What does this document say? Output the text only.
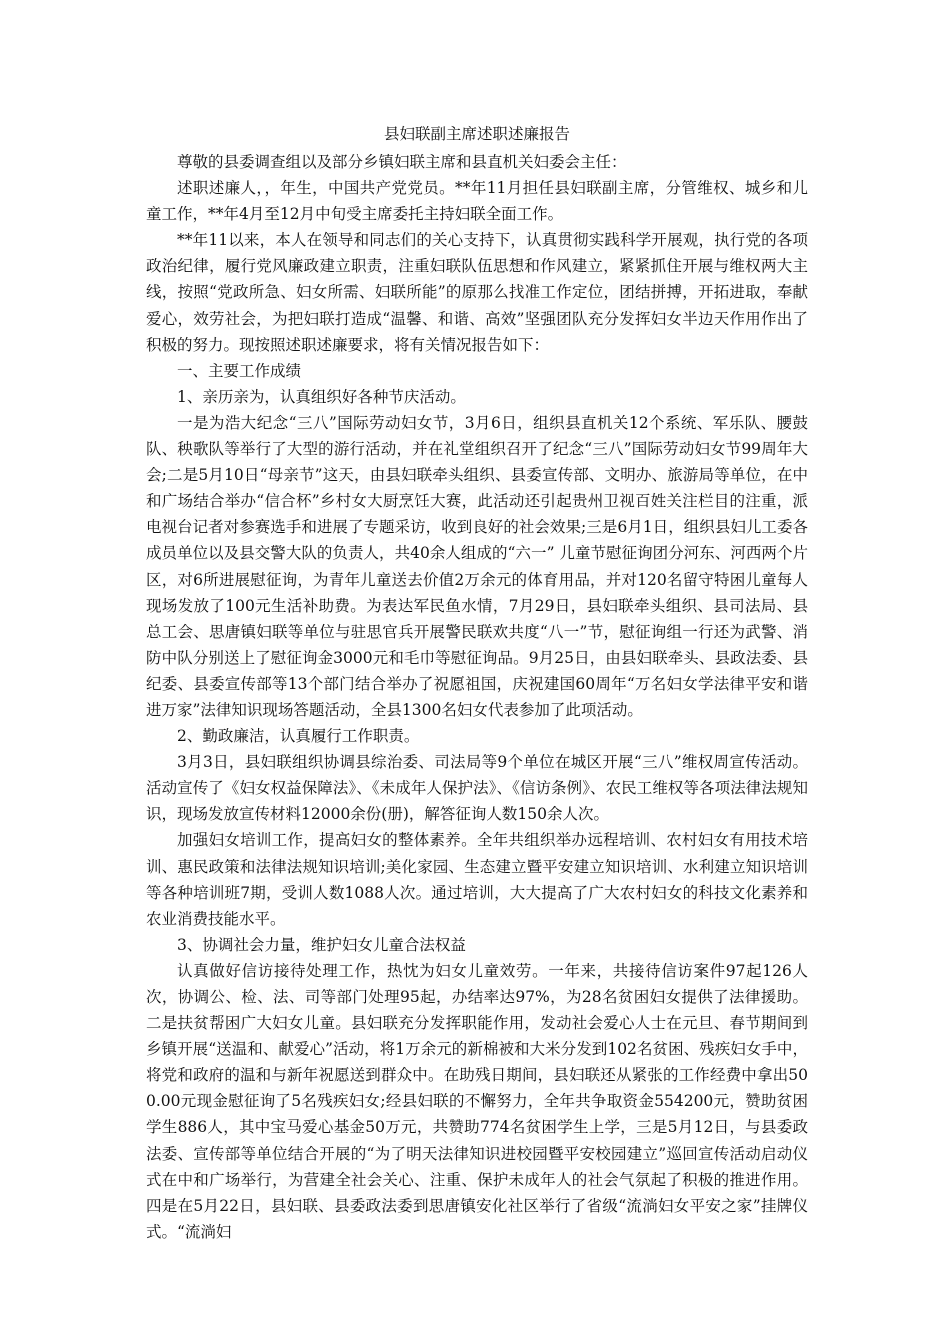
县妇联副主席述职述廉报告

尊敬的县委调查组以及部分乡镇妇联主席和县直机关妇委会主任：

述职述廉人，，年生，中国共产党党员。**年11月担任县妇联副主席，分管维权、城乡和儿童工作，**年4月至12月中旬受主席委托主持妇联全面工作。

**年11以来，本人在领导和同志们的关心支持下，认真贯彻实践科学开展观，执行党的各项政治纪律，履行党风廉政建立职责，注重妇联队伍思想和作风建立，紧紧抓住开展与维权两大主线，按照“党政所急、妇女所需、妇联所能”的原那么找准工作定位，团结拼搏，开拓进取，奉献爱心，效劳社会，为把妇联打造成“温馨、和谐、高效”坚强团队充分发挥妇女半边天作用作出了积极的努力。现按照述职述廉要求，将有关情况报告如下：

一、主要工作成绩

1、亲历亲为，认真组织好各种节庆活动。

一是为浩大纪念“三八”国际劳动妇女节，3月6日，组织县直机关12个系统、军乐队、腰鼓队、秧歌队等举行了大型的游行活动，并在礼堂组织召开了纪念“三八”国际劳动妇女节99周年大会;二是5月10日“母亲节”这天，由县妇联牵头组织、县委宣传部、文明办、旅游局等单位，在中和广场结合举办“信合杯”乡村女大厨烹饪大赛，此活动还引起贵州卫视百姓关注栏目的注重，派电视台记者对参赛选手和进展了专题采访，收到良好的社会效果;三是6月1日，组织县妇儿工委各成员单位以及县交警大队的负责人，共40余人组成的“六一” 儿童节慰征询团分河东、河西两个片区，对6所进展慰征询，为青年儿童送去价值2万余元的体育用品，并对120名留守特困儿童每人现场发放了100元生活补助费。为表达军民鱼水情，7月29日，县妇联牵头组织、县司法局、县总工会、思唐镇妇联等单位与驻思官兵开展警民联欢共度“八一”节，慰征询组一行还为武警、消防中队分别送上了慰征询金3000元和毛巾等慰征询品。9月25日，由县妇联牵头、县政法委、县纪委、县委宣传部等13个部门结合举办了祝愿祖国，庆祝建国60周年“万名妇女学法律平安和谐进万家”法律知识现场答题活动，全县1300名妇女代表参加了此项活动。

2、勤政廉洁，认真履行工作职责。

3月3日，县妇联组织协调县综治委、司法局等9个单位在城区开展“三八”维权周宣传活动。活动宣传了《妇女权益保障法》、《未成年人保护法》、《信访条例》、农民工维权等各项法律法规知识，现场发放宣传材料12000余份(册)，解答征询人数150余人次。

加强妇女培训工作，提高妇女的整体素养。全年共组织举办远程培训、农村妇女有用技术培训、惠民政策和法律法规知识培训;美化家园、生态建立暨平安建立知识培训、水利建立知识培训等各种培训班7期，受训人数1088人次。通过培训，大大提高了广大农村妇女的科技文化素养和农业消费技能水平。

3、协调社会力量，维护妇女儿童合法权益

认真做好信访接待处理工作，热忱为妇女儿童效劳。一年来，共接待信访案件97起126人次，协调公、检、法、司等部门处理95起，办结率达97%，为28名贫困妇女提供了法律援助。二是扶贫帮困广大妇女儿童。县妇联充分发挥职能作用，发动社会爱心人士在元旦、春节期间到乡镇开展“送温和、献爱心”活动，将1万余元的新棉被和大米分发到102名贫困、残疾妇女手中，将党和政府的温和与新年祝愿送到群众中。在助残日期间，县妇联还从紧张的工作经费中拿出500.00元现金慰征询了5名残疾妇女;经县妇联的不懈努力，全年共争取资金554200元，赞助贫困学生886人，其中宝马爱心基金50万元，共赞助774名贫困学生上学，三是5月12日，与县委政法委、宣传部等单位结合开展的“为了明天法律知识进校园暨平安校园建立”巡回宣传活动启动仪式在中和广场举行，为营建全社会关心、注重、保护未成年人的社会气氛起了积极的推进作用。四是在5月22日，县妇联、县委政法委到思唐镇安化社区举行了省级“流淌妇女平安之家”挂牌仪式。“流淌妇
